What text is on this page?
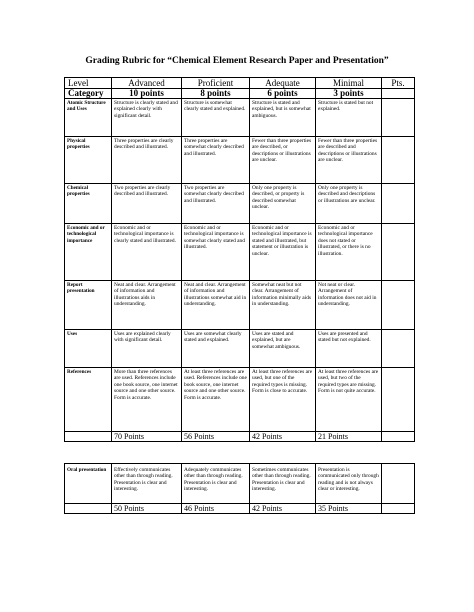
Grading Rubric for “Chemical Element Research Paper and Presentation”
Level	Advanced	Proficient	Adequate	Minimal	Pts.
Category	10 points	8 points	6 points	3 points	
Atomic Structure and Uses	Structure is clearly stated and explained clearly with significant detail.	Structure is somewhat clearly stated and explained.	Structure is stated and explained, but is somewhat ambiguous.	Structure is stated but not explained.	
Physical properties	Three properties are clearly described and illustrated.	Three properties are somewhat clearly described and illustrated.	Fewer than three properties are described, or descriptions or illustrations are unclear.	Fewer than three properties are described and descriptions or illustrations are unclear.	
Chemical properties	Two properties are clearly described and illustrated.	Two properties are somewhat clearly described and illustrated.	Only one property is described, or property is described somewhat unclear.	Only one property is described and descriptions or illustrations are unclear.	
Economic and or technological importance	Economic and or technological importance is clearly stated and illustrated.	Economic and or technological importance is somewhat clearly stated and illustrated.	Economic and or technological importance is stated and illustrated, but statement or illustration is unclear.	Economic and or technological importance does not stated or illustrated, or there is no illustration.	
Report presentation	Neat and clear. Arrangement of information and illustrations aids in understanding.	Neat and clear. Arrangement of information and illustrations somewhat aid in understanding.	Somewhat neat but not clear. Arrangement of information minimally aids in understanding.	Not neat or clear. Arrangement of information does not aid in understanding.	
Uses	Uses are explained clearly with significant detail.	Uses are somewhat clearly stated and explained.	Uses are stated and explained, but are somewhat ambiguous.	Uses are presented and stated but not explained.	
References	More than three references are used. References include one book source, one internet source and one other source. Form is accurate.	At least three references are used. References include one book source, one internet source and one other source. Form is accurate.	At least three references are used, but one of the required types is missing. Form is close to accurate.	At least three references are used, but two of the required types are missing. Form is not quite accurate.	
	70 Points	56 Points	42 Points	21 Points	
Oral presentation	Effectively communicates other than through reading. Presentation is clear and interesting.	Adequately communicates other than through reading. Presentation is clear and interesting.	Sometimes communicates other than through reading. Presentation is clear and interesting.	Presentation is communicated only through reading and is not always clear or interesting.	
	50 Points	46 Points	42 Points	35 Points	
